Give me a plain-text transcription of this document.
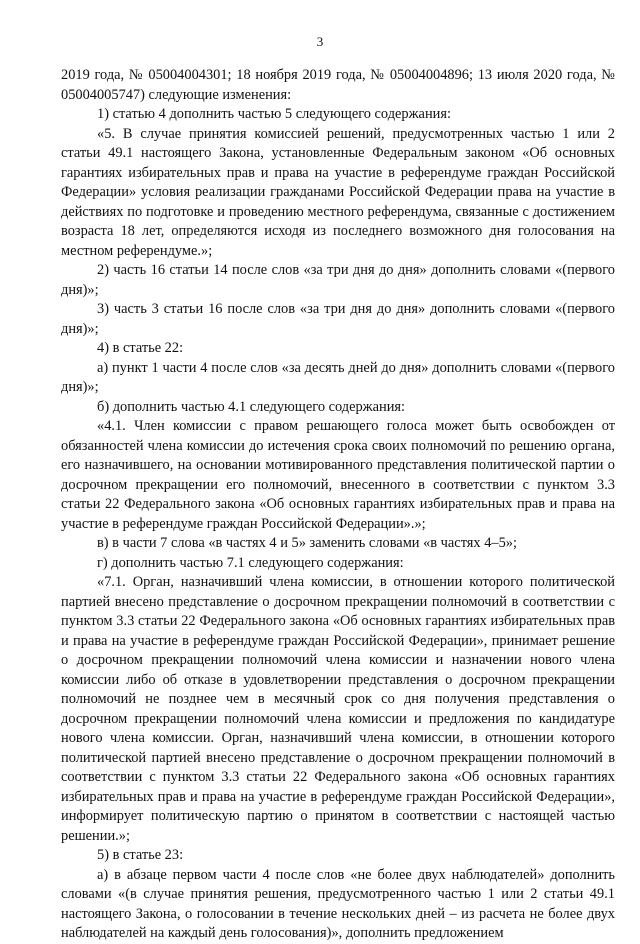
3

2019 года, № 05004004301; 18 ноября 2019 года, № 05004004896; 13 июля 2020 года, № 05004005747) следующие изменения:

1) статью 4 дополнить частью 5 следующего содержания:

«5. В случае принятия комиссией решений, предусмотренных частью 1 или 2 статьи 49.1 настоящего Закона, установленные Федеральным законом «Об основных гарантиях избирательных прав и права на участие в референдуме граждан Российской Федерации» условия реализации гражданами Российской Федерации права на участие в действиях по подготовке и проведению местного референдума, связанные с достижением возраста 18 лет, определяются исходя из последнего возможного дня голосования на местном референдуме.»;

2) часть 16 статьи 14 после слов «за три дня до дня» дополнить словами «(первого дня)»;

3) часть 3 статьи 16 после слов «за три дня до дня» дополнить словами «(первого дня)»;

4) в статье 22:

а) пункт 1 части 4 после слов «за десять дней до дня» дополнить словами «(первого дня)»;

б) дополнить частью 4.1 следующего содержания:

«4.1. Член комиссии с правом решающего голоса может быть освобожден от обязанностей члена комиссии до истечения срока своих полномочий по решению органа, его назначившего, на основании мотивированного представления политической партии о досрочном прекращении его полномочий, внесенного в соответствии с пунктом 3.3 статьи 22 Федерального закона «Об основных гарантиях избирательных прав и права на участие в референдуме граждан Российской Федерации».»;

в) в части 7 слова «в частях 4 и 5» заменить словами «в частях 4–5»;

г) дополнить частью 7.1 следующего содержания:

«7.1. Орган, назначивший члена комиссии, в отношении которого политической партией внесено представление о досрочном прекращении полномочий в соответствии с пунктом 3.3 статьи 22 Федерального закона «Об основных гарантиях избирательных прав и права на участие в референдуме граждан Российской Федерации», принимает решение о досрочном прекращении полномочий члена комиссии и назначении нового члена комиссии либо об отказе в удовлетворении представления о досрочном прекращении полномочий не позднее чем в месячный срок со дня получения представления о досрочном прекращении полномочий члена комиссии и предложения по кандидатуре нового члена комиссии. Орган, назначивший члена комиссии, в отношении которого политической партией внесено представление о досрочном прекращении полномочий в соответствии с пунктом 3.3 статьи 22 Федерального закона «Об основных гарантиях избирательных прав и права на участие в референдуме граждан Российской Федерации», информирует политическую партию о принятом в соответствии с настоящей частью решении.»;

5) в статье 23:

а) в абзаце первом части 4 после слов «не более двух наблюдателей» дополнить словами «(в случае принятия решения, предусмотренного частью 1 или 2 статьи 49.1 настоящего Закона, о голосовании в течение нескольких дней – из расчета не более двух наблюдателей на каждый день голосования)», дополнить предложением
